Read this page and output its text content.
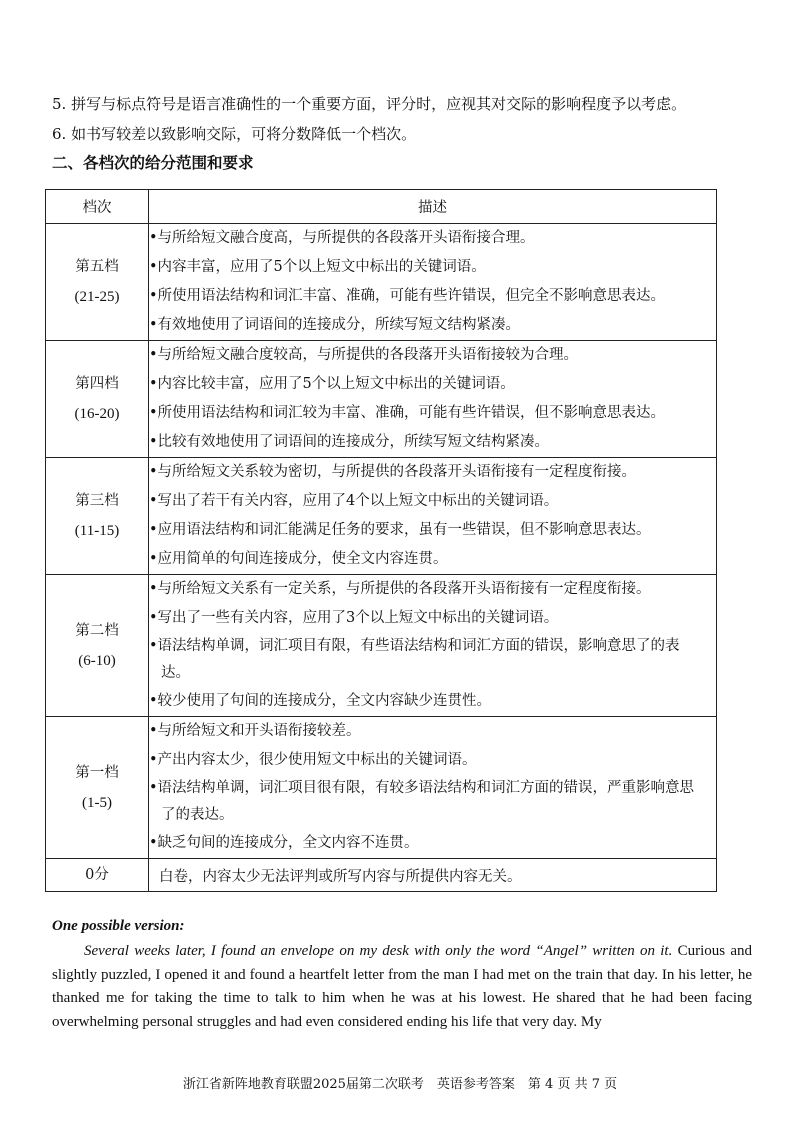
5. 拼写与标点符号是语言准确性的一个重要方面，评分时，应视其对交际的影响程度予以考虑。
6. 如书写较差以致影响交际，可将分数降低一个档次。
二、各档次的给分范围和要求
档次	描述

第五档
(21-25)	•与所给短文融合度高，与所提供的各段落开头语衔接合理。
•内容丰富，应用了5个以上短文中标出的关键词语。
•所使用语法结构和词汇丰富、准确，可能有些许错误，但完全不影响意思表达。
•有效地使用了词语间的连接成分，所续写短文结构紧凑。

第四档
(16-20)	•与所给短文融合度较高，与所提供的各段落开头语衔接较为合理。
•内容比较丰富，应用了5个以上短文中标出的关键词语。
•所使用语法结构和词汇较为丰富、准确，可能有些许错误，但不影响意思表达。
•比较有效地使用了词语间的连接成分，所续写短文结构紧凑。

第三档
(11-15)	•与所给短文关系较为密切，与所提供的各段落开头语衔接有一定程度衔接。
•写出了若干有关内容，应用了4个以上短文中标出的关键词语。
•应用语法结构和词汇能满足任务的要求，虽有一些错误，但不影响意思表达。
•应用简单的句间连接成分，使全文内容连贯。

第二档
(6-10)	•与所给短文关系有一定关系，与所提供的各段落开头语衔接有一定程度衔接。
•写出了一些有关内容，应用了3个以上短文中标出的关键词语。
•语法结构单调，词汇项目有限，有些语法结构和词汇方面的错误，影响意思了的表达。
•较少使用了句间的连接成分，全文内容缺少连贯性。

第一档
(1-5)	•与所给短文和开头语衔接较差。
•产出内容太少，很少使用短文中标出的关键词语。
•语法结构单调，词汇项目很有限，有较多语法结构和词汇方面的错误，严重影响意思了的表达。
•缺乏句间的连接成分，全文内容不连贯。

0分	白卷，内容太少无法评判或所写内容与所提供内容无关。
One possible version:

Several weeks later, I found an envelope on my desk with only the word “Angel” written on it. Curious and slightly puzzled, I opened it and found a heartfelt letter from the man I had met on the train that day. In his letter, he thanked me for taking the time to talk to him when he was at his lowest. He shared that he had been facing overwhelming personal struggles and had even considered ending his life that very day. My

浙江省新阵地教育联盟2025届第二次联考　英语参考答案　第 4 页 共 7 页
